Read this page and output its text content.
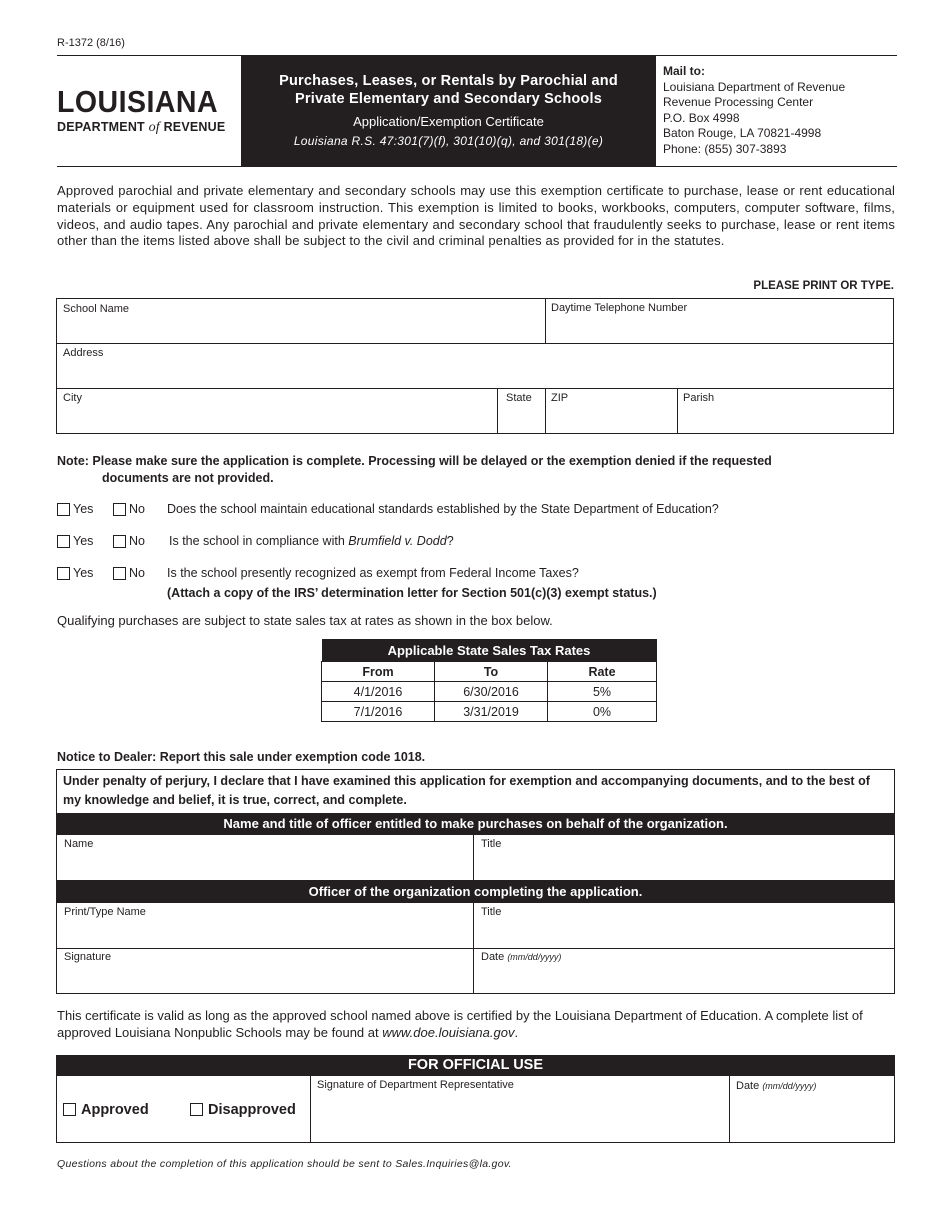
R-1372 (8/16)
LOUISIANA
DEPARTMENT of REVENUE
Purchases, Leases, or Rentals by Parochial and
Private Elementary and Secondary Schools
Application/Exemption Certificate
Louisiana R.S. 47:301(7)(f), 301(10)(q), and 301(18)(e)
Mail to:
Louisiana Department of Revenue
Revenue Processing Center
P.O. Box 4998
Baton Rouge, LA 70821-4998
Phone: (855) 307-3893
Approved parochial and private elementary and secondary schools may use this exemption certificate to purchase, lease or rent educational materials or equipment used for classroom instruction. This exemption is limited to books, workbooks, computers, computer software, films, videos, and audio tapes. Any parochial and private elementary and secondary school that fraudulently seeks to purchase, lease or rent items other than the items listed above shall be subject to the civil and criminal penalties as provided for in the statutes.
PLEASE PRINT OR TYPE.
School Name	Daytime Telephone Number
Address
City	State ZIP	Parish
Note: Please make sure the application is complete. Processing will be delayed or the exemption denied if the requested
documents are not provided.
Yes	No Does the school maintain educational standards established by the State Department of Education?
Yes	No Is the school in compliance with Brumfield v. Dodd?
Yes	No Is the school presently recognized as exempt from Federal Income Taxes?
(Attach a copy of the IRS’ determination letter for Section 501(c)(3) exempt status.)
Qualifying purchases are subject to state sales tax at rates as shown in the box below.
Applicable State Sales Tax Rates		
From	To	Rate
4/1/2016	6/30/2016	5%
7/1/2016	3/31/2019	0%
Notice to Dealer: Report this sale under exemption code 1018.
Under penalty of perjury, I declare that I have examined this application for exemption and accompanying documents, and to the best of my knowledge and belief, it is true, correct, and complete.
Name and title of officer entitled to make purchases on behalf of the organization.
Name	Title
Officer of the organization completing the application.
Print/Type Name	Title
Signature	Date (mm/dd/yyyy)
This certificate is valid as long as the approved school named above is certified by the Louisiana Department of Education. A complete list of approved Louisiana Nonpublic Schools may be found at www.doe.louisiana.gov.
FOR OFFICIAL USE
Approved	Disapproved
Signature of Department Representative	Date (mm/dd/yyyy)
Questions about the completion of this application should be sent to Sales.Inquiries@la.gov.
